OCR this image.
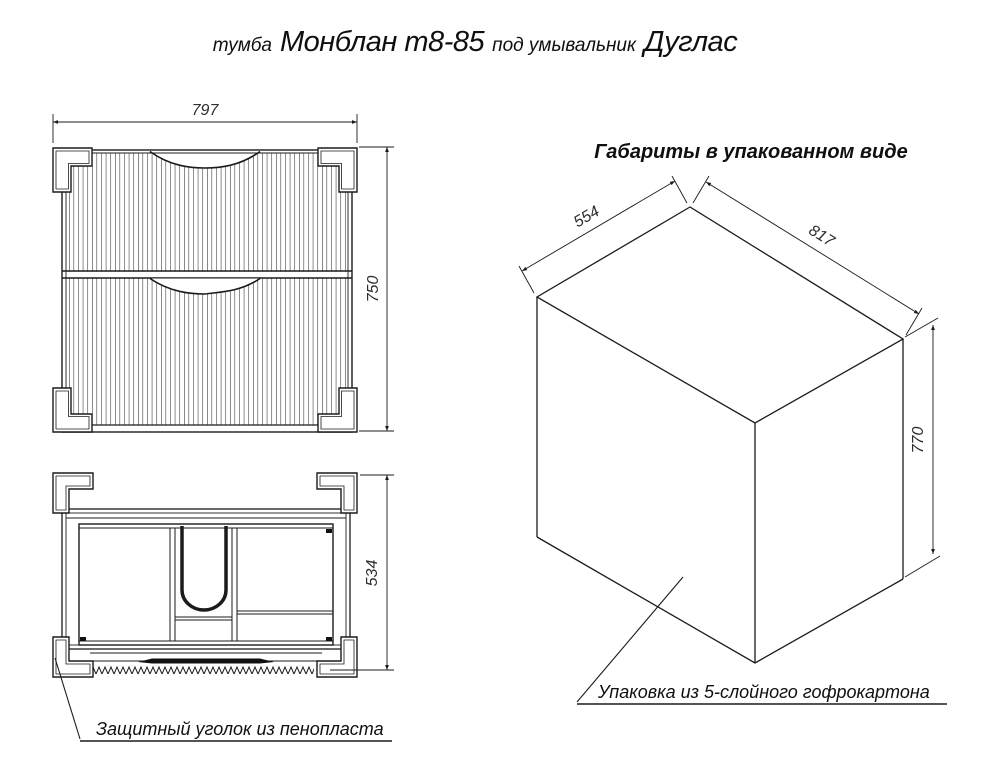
тумба Монблан т8-85 под умывальник Дуглас
Габариты в упакованном виде
797
750
534
Защитный уголок из пенопласта
554
817
770
Упаковка из 5-слойного гофрокартона
